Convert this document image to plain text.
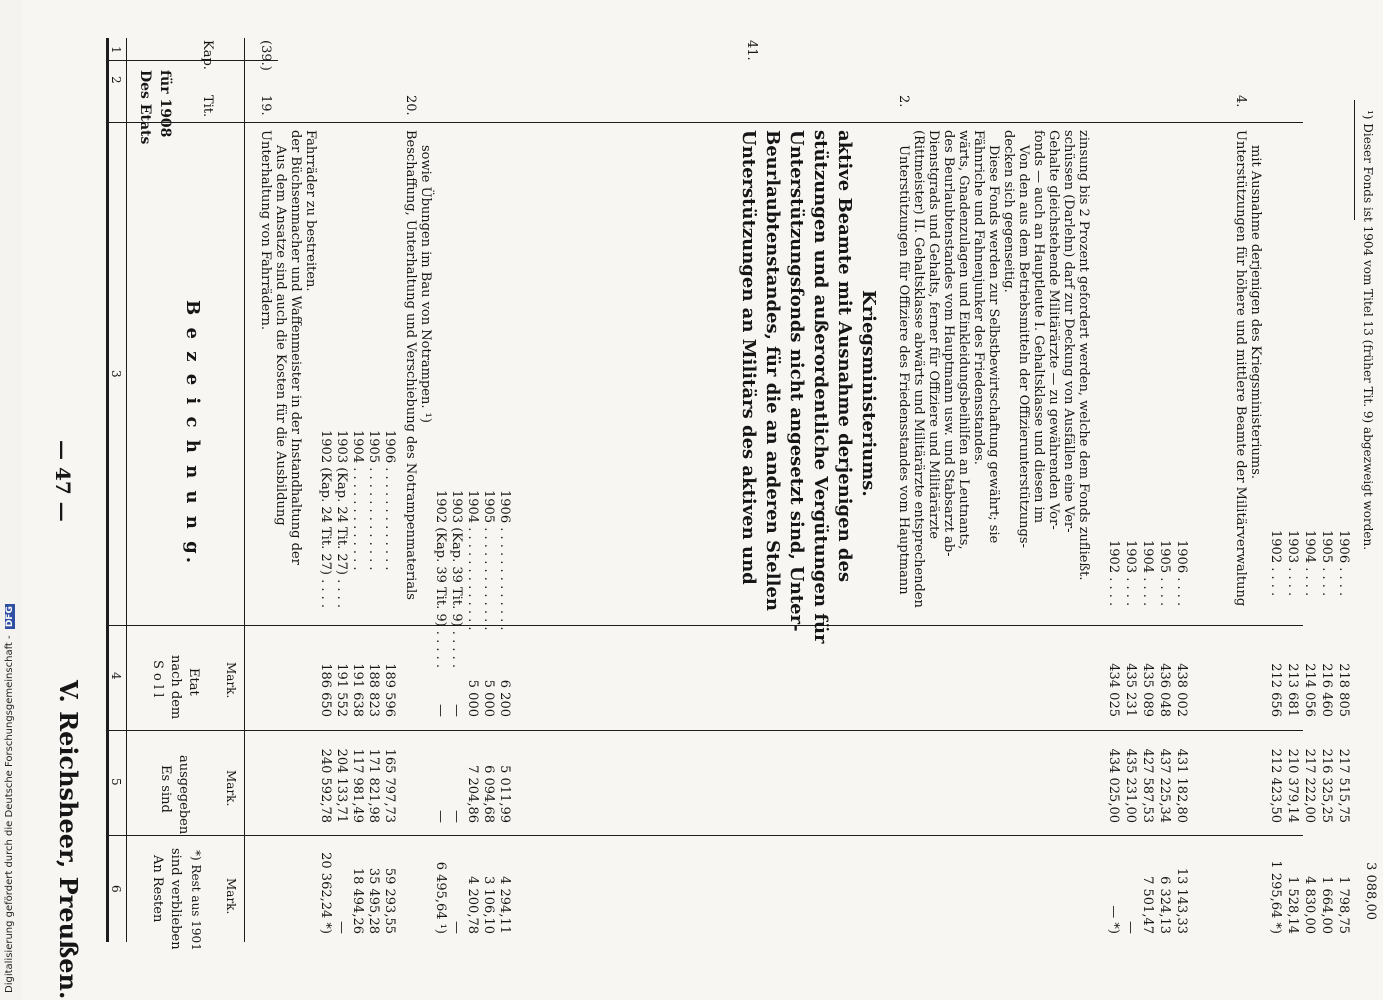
Digitalisierung gefördert durch die Deutsche Forschungsgemeinschaft - DFG
— 47 —
V. Reichsheer, Preußen.
1
2
3
4
5
6
Des Etats für 1908
Kap.
Tit.
B e z e i c h n u n g.
S o l l nach dem Etat
Es sind ausgegeben
An Resten sind verblieben *) Rest aus 1901
Mark.
Mark.
Mark.
(39.)
19.
Unterhaltung von Fahrrädern. Aus dem Ansatze sind auch die Kosten für die Ausbildung der Büchsenmacher und Waffenmeister in der Instandhaltung der Fahrräder zu bestreiten.
1902 (Kap. 24 Tit. 27) . . . .
186 650
240 592,78
20 362,24 *)
1903 (Kap. 24 Tit. 27) . . . .
191 552
204 133,71
—
1904 . . . . . . . . . . . . .
191 638
117 981,49
18 494,26
1905 . . . . . . . . . . . . .
188 823
171 821,98
35 495,28
1906 . . . . . . . . . . . . .
189 596
165 797,73
59 293,55
20.
Beschaffung, Unterhaltung und Verschiebung des Notrampenmaterials sowie Übungen im Bau von Notrampen. ¹)
1902 (Kap. 39 Tit. 9) . . . . .
—
—
6 495,64 ¹)
1903 (Kap. 39 Tit. 9) . . . . .
—
—
—
1904 . . . . . . . . . . . . .
5 000
7 204,86
4 200,78
1905 . . . . . . . . . . . . .
5 000
6 094,68
3 106,10
1906 . . . . . . . . . . . . .
6 200
5 011,99
4 294,11
41.
Unterstützungen an Militärs des aktiven und Beurlaubtenstandes, für die an anderen Stellen Unterstützungsfonds nicht angesetzt sind, Unter- stützungen und außerordentliche Vergütungen für aktive Beamte mit Ausnahme derjenigen des Kriegsministeriums.
2.
Unterstützungen für Offiziere des Friedensstandes vom Hauptmann (Rittmeister) II. Gehaltsklasse abwärts und Militärärzte entsprechenden Dienstgrads und Gehalts, ferner für Offiziere und Militärärzte des Beurlaubtenstandes vom Hauptmann usw. und Stabsarzt ab- wärts, Gnadenzulagen und Einkleidungsbeihilfen an Leutnants, Fähnriche und Fahnenjunker des Friedensstandes. Diese Fonds werden zur Selbstbewirtschaftung gewährt; sie decken sich gegenseitig. Von den aus dem Betriebsmitteln der Offizierunterstützungs- fonds — auch an Hauptleute I. Gehaltsklasse und diesen im Gehalte gleichstehende Militärärzte — zu gewährenden Vor- schüssen (Darlehn) darf zur Deckung von Ausfällen eine Ver- zinsung bis 2 Prozent gefordert werden, welche dem Fonds zufließt. 1902 . . . .
434 025
434 025,00
— *)
1903 . . . .
435 231
435 231,00
—
1904 . . . .
435 089
427 587,53
7 501,47
1905 . . . .
436 048
437 225,34
6 324,13
1906 . . . .
438 002
431 182,80
13 143,33
4.
Unterstützungen für höhere und mittlere Beamte der Militärverwaltung mit Ausnahme derjenigen des Kriegsministeriums.
1902 . . . .
212 656
212 423,50
1 295,64 *)
1903 . . . .
213 681
210 379,14
1 528,14
1904 . . . .
214 056
217 222,00
4 830,00
1905 . . . .
216 460
216 325,25
1 664,00
1906 . . . .
218 805
217 515,75
1 798,75 3 088,00
¹) Dieser Fonds ist 1904 vom Titel 13 (früher Tit. 9) abgezweigt worden.
